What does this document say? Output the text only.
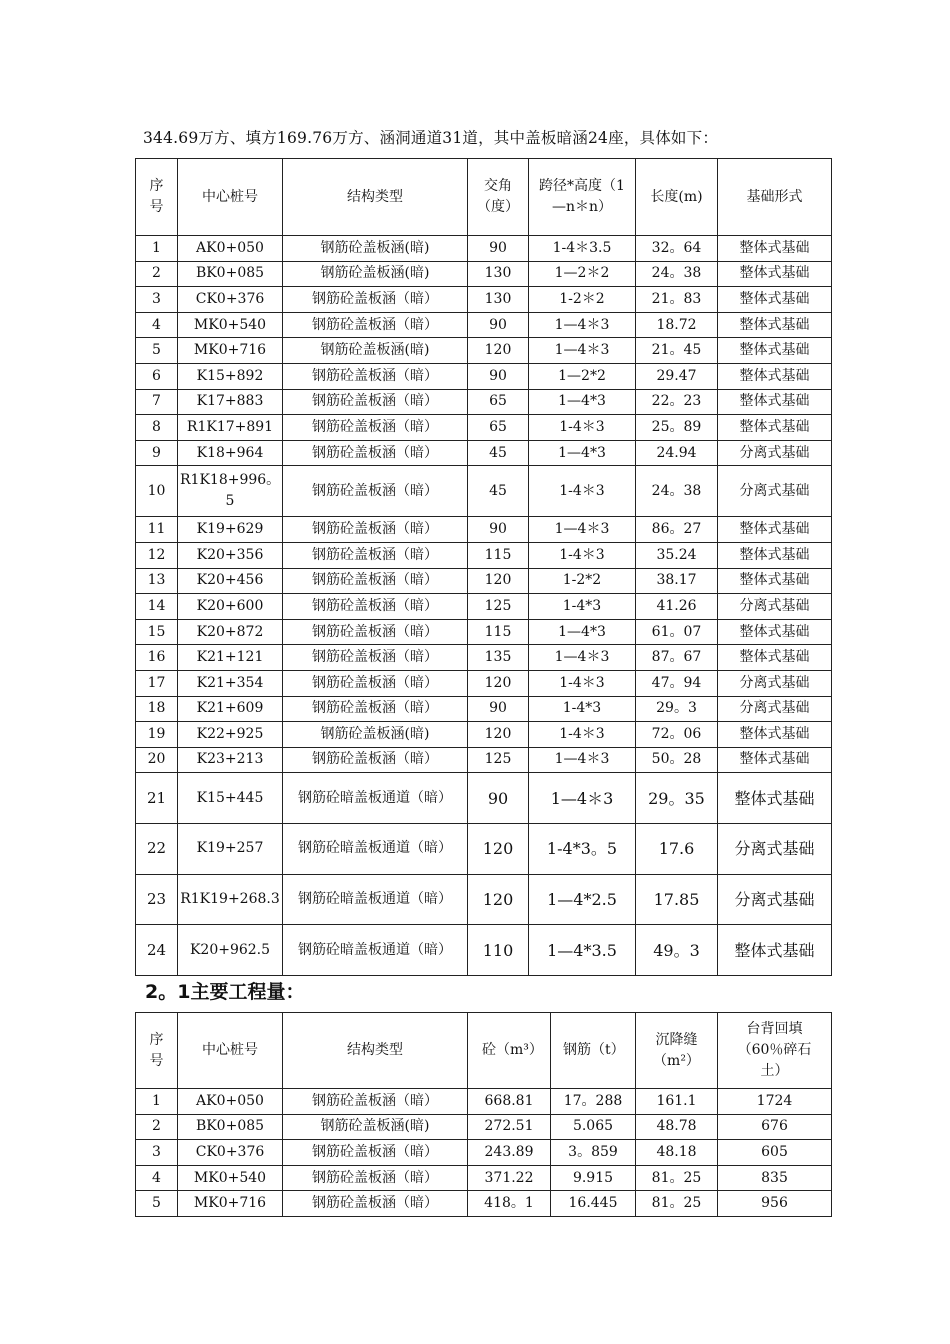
344.69万方、填方169.76万方、涵洞通道31道，其中盖板暗涵24座，具体如下：
序号	中心桩号	结构类型	交角（度）	跨径*高度（1—n＊n）	长度(m)	基础形式
1	AK0+050	钢筋砼盖板涵(暗)	90	1-4＊3.5	32。64	整体式基础
2	BK0+085	钢筋砼盖板涵(暗)	130	1—2＊2	24。38	整体式基础
3	CK0+376	钢筋砼盖板涵（暗）	130	1-2＊2	21。83	整体式基础
4	MK0+540	钢筋砼盖板涵（暗）	90	1—4＊3	18.72	整体式基础
5	MK0+716	钢筋砼盖板涵(暗)	120	1—4＊3	21。45	整体式基础
6	K15+892	钢筋砼盖板涵（暗）	90	1—2*2	29.47	整体式基础
7	K17+883	钢筋砼盖板涵（暗）	65	1—4*3	22。23	整体式基础
8	R1K17+891	钢筋砼盖板涵（暗）	65	1-4＊3	25。89	整体式基础
9	K18+964	钢筋砼盖板涵（暗）	45	1—4*3	24.94	分离式基础
10	R1K18+996。5	钢筋砼盖板涵（暗）	45	1-4＊3	24。38	分离式基础
11	K19+629	钢筋砼盖板涵（暗）	90	1—4＊3	86。27	整体式基础
12	K20+356	钢筋砼盖板涵（暗）	115	1-4＊3	35.24	整体式基础
13	K20+456	钢筋砼盖板涵（暗）	120	1-2*2	38.17	整体式基础
14	K20+600	钢筋砼盖板涵（暗）	125	1-4*3	41.26	分离式基础
15	K20+872	钢筋砼盖板涵（暗）	115	1—4*3	61。07	整体式基础
16	K21+121	钢筋砼盖板涵（暗）	135	1—4＊3	87。67	整体式基础
17	K21+354	钢筋砼盖板涵（暗）	120	1-4＊3	47。94	分离式基础
18	K21+609	钢筋砼盖板涵（暗）	90	1-4*3	29。3	分离式基础
19	K22+925	钢筋砼盖板涵(暗)	120	1-4＊3	72。06	整体式基础
20	K23+213	钢筋砼盖板涵（暗）	125	1—4＊3	50。28	整体式基础
21	K15+445	钢筋砼暗盖板通道（暗）	90	1—4＊3	29。35	整体式基础
22	K19+257	钢筋砼暗盖板通道（暗）	120	1-4*3。5	17.6	分离式基础
23	R1K19+268.3	钢筋砼暗盖板通道（暗）	120	1—4*2.5	17.85	分离式基础
24	K20+962.5	钢筋砼暗盖板通道（暗）	110	1—4*3.5	49。3	整体式基础
2。1主要工程量：
序号	中心桩号	结构类型	砼（m³）	钢筋（t）	沉降缝（m²）	台背回填（60％碎石土）
1	AK0+050	钢筋砼盖板涵（暗）	668.81	17。288	161.1	1724
2	BK0+085	钢筋砼盖板涵(暗)	272.51	5.065	48.78	676
3	CK0+376	钢筋砼盖板涵（暗）	243.89	3。859	48.18	605
4	MK0+540	钢筋砼盖板涵（暗）	371.22	9.915	81。25	835
5	MK0+716	钢筋砼盖板涵（暗）	418。1	16.445	81。25	956
